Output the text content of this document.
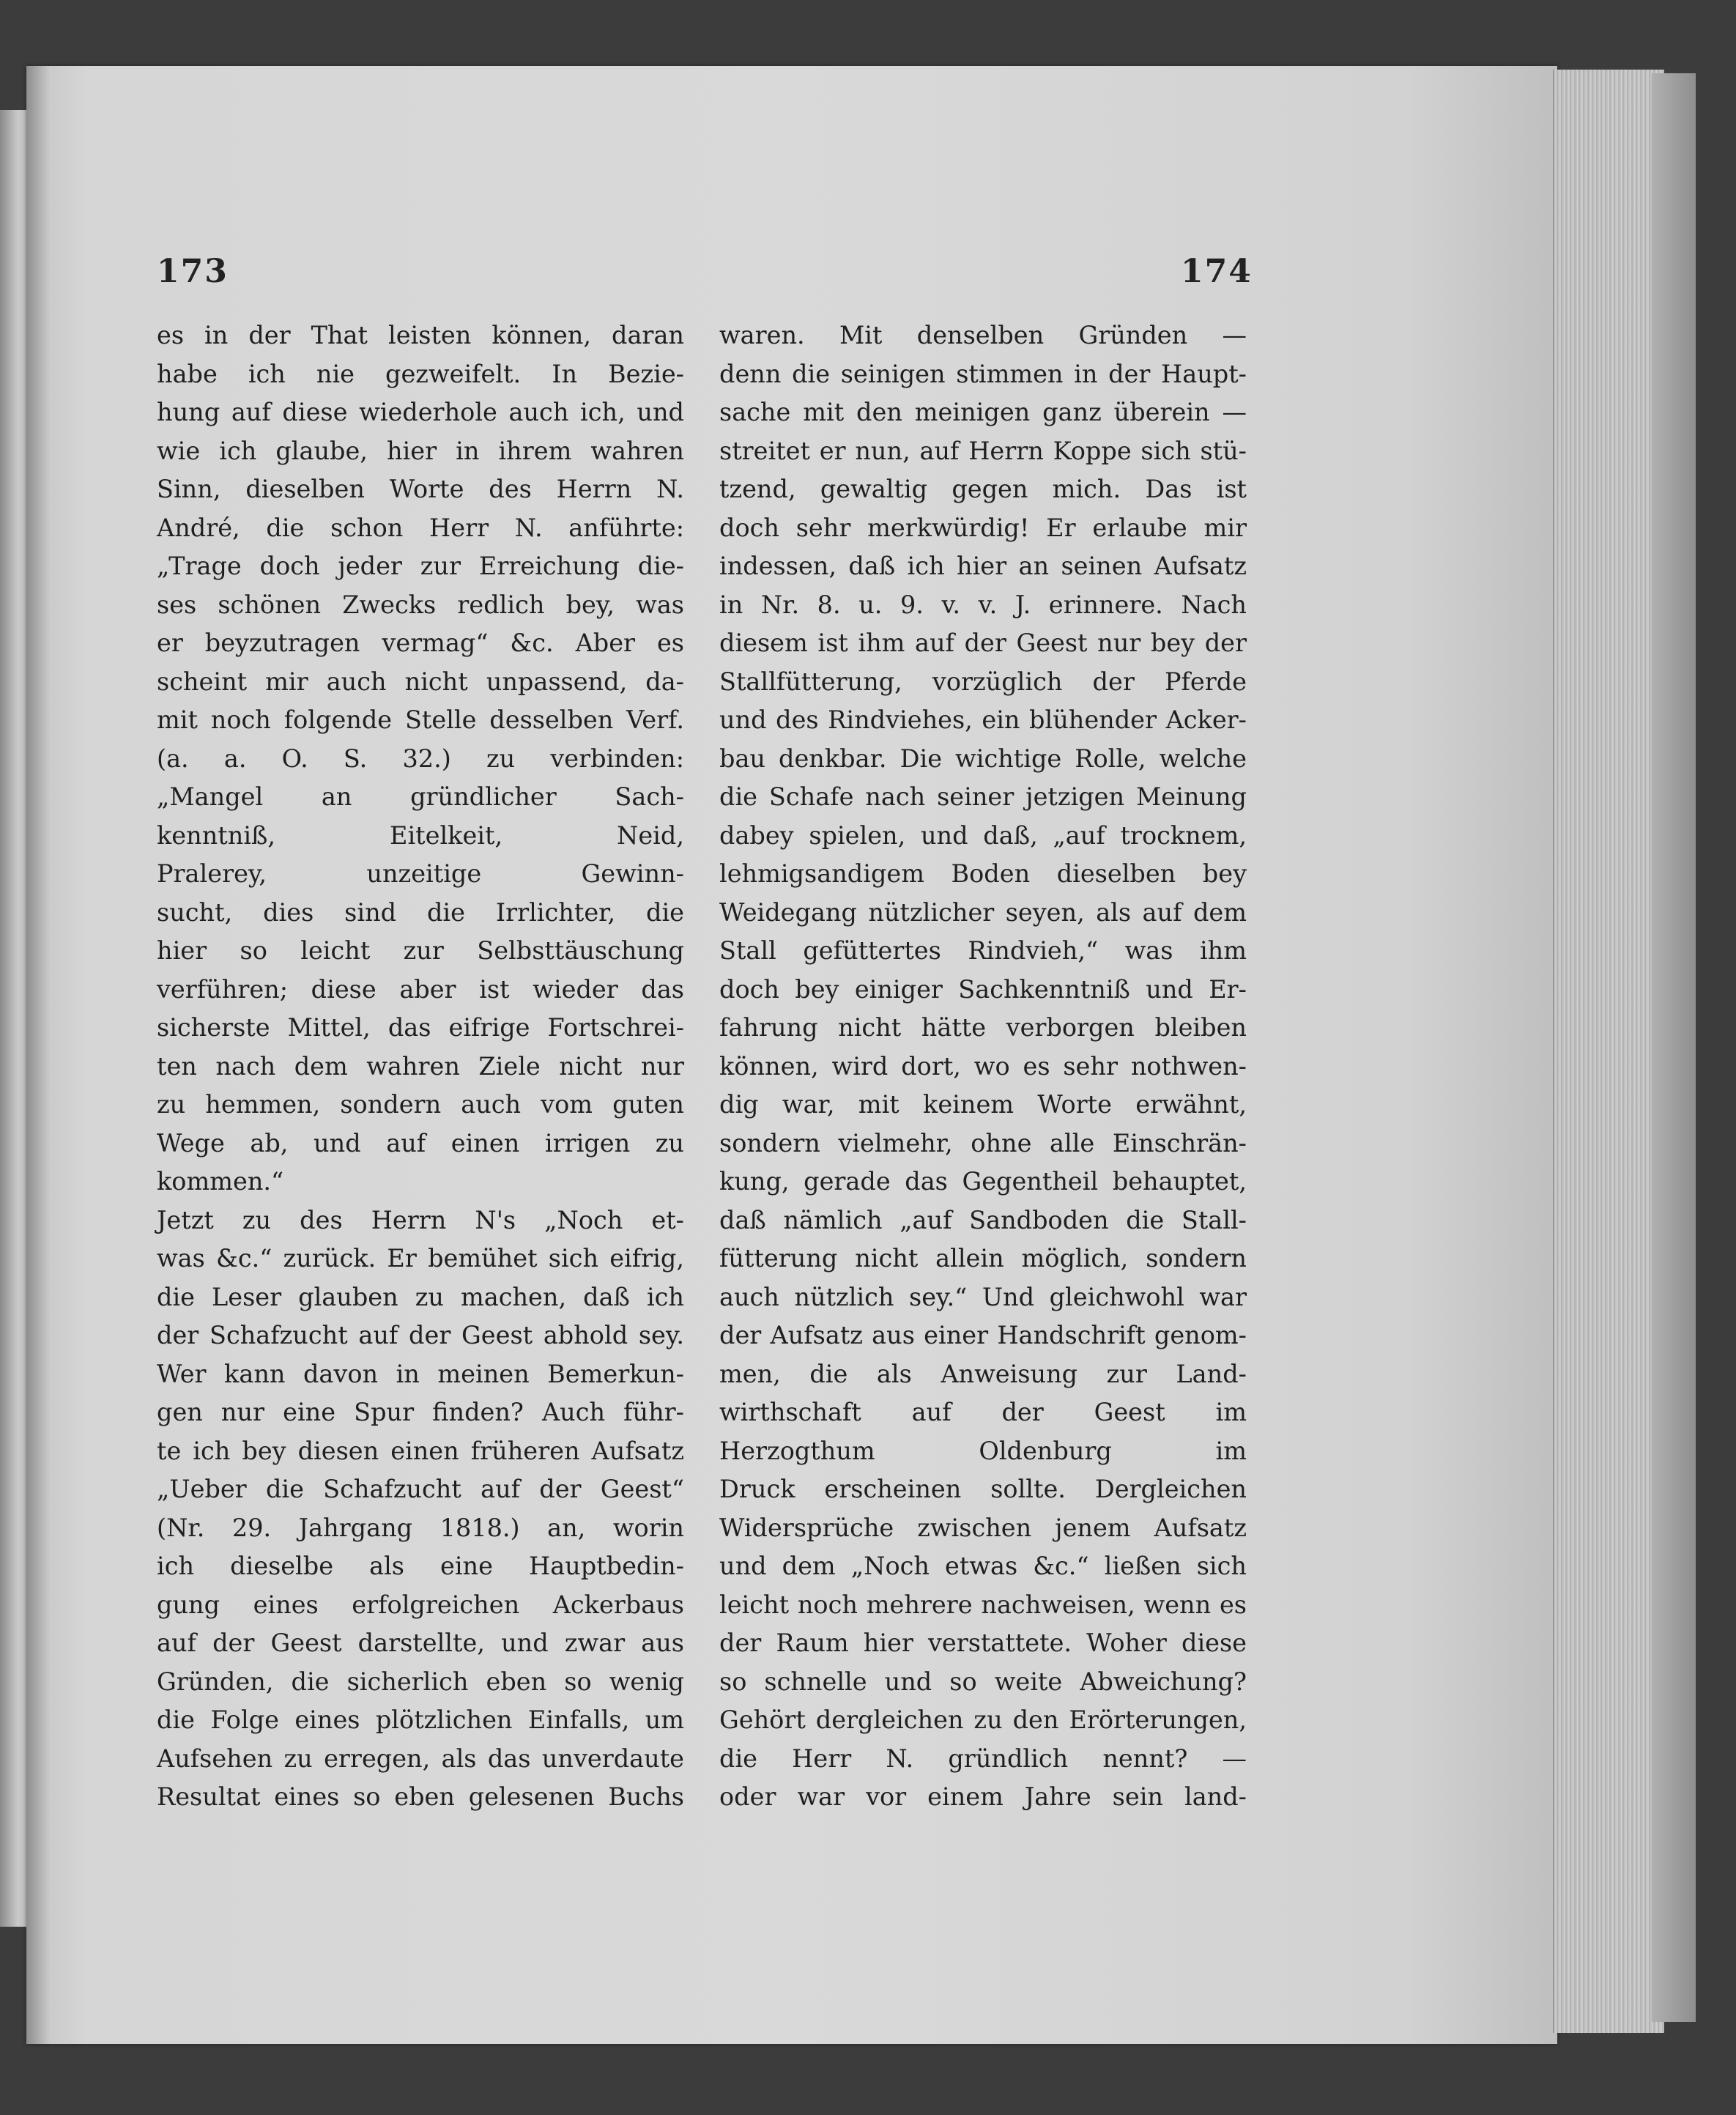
173	174
es in der That leisten können, daran
habe ich nie gezweifelt. In Bezie-
hung auf diese wiederhole auch ich, und
wie ich glaube, hier in ihrem wahren
Sinn, dieselben Worte des Herrn N.
André, die schon Herr N. anführte:
„Trage doch jeder zur Erreichung die-
ses schönen Zwecks redlich bey, was
er beyzutragen vermag“ &c. Aber es
scheint mir auch nicht unpassend, da-
mit noch folgende Stelle desselben Verf.
(a. a. O. S. 32.) zu verbinden:
„Mangel an gründlicher Sach-
kenntniß, Eitelkeit, Neid,
Pralerey, unzeitige Gewinn-
sucht, dies sind die Irrlichter, die
hier so leicht zur Selbsttäuschung
verführen; diese aber ist wieder das
sicherste Mittel, das eifrige Fortschrei-
ten nach dem wahren Ziele nicht nur
zu hemmen, sondern auch vom guten
Wege ab, und auf einen irrigen zu
kommen.“
Jetzt zu des Herrn N's „Noch et-
was &c.“ zurück. Er bemühet sich eifrig,
die Leser glauben zu machen, daß ich
der Schafzucht auf der Geest abhold sey.
Wer kann davon in meinen Bemerkun-
gen nur eine Spur finden? Auch führ-
te ich bey diesen einen früheren Aufsatz
„Ueber die Schafzucht auf der Geest“
(Nr. 29. Jahrgang 1818.) an, worin
ich dieselbe als eine Hauptbedin-
gung eines erfolgreichen Ackerbaus
auf der Geest darstellte, und zwar aus
Gründen, die sicherlich eben so wenig
die Folge eines plötzlichen Einfalls, um
Aufsehen zu erregen, als das unverdaute
Resultat eines so eben gelesenen Buchs
waren. Mit denselben Gründen —
denn die seinigen stimmen in der Haupt-
sache mit den meinigen ganz überein —
streitet er nun, auf Herrn Koppe sich stü-
tzend, gewaltig gegen mich. Das ist
doch sehr merkwürdig! Er erlaube mir
indessen, daß ich hier an seinen Aufsatz
in Nr. 8. u. 9. v. v. J. erinnere. Nach
diesem ist ihm auf der Geest nur bey der
Stallfütterung, vorzüglich der Pferde
und des Rindviehes, ein blühender Acker-
bau denkbar. Die wichtige Rolle, welche
die Schafe nach seiner jetzigen Meinung
dabey spielen, und daß, „auf trocknem,
lehmigsandigem Boden dieselben bey
Weidegang nützlicher seyen, als auf dem
Stall gefüttertes Rindvieh,“ was ihm
doch bey einiger Sachkenntniß und Er-
fahrung nicht hätte verborgen bleiben
können, wird dort, wo es sehr nothwen-
dig war, mit keinem Worte erwähnt,
sondern vielmehr, ohne alle Einschrän-
kung, gerade das Gegentheil behauptet,
daß nämlich „auf Sandboden die Stall-
fütterung nicht allein möglich, sondern
auch nützlich sey.“ Und gleichwohl war
der Aufsatz aus einer Handschrift genom-
men, die als Anweisung zur Land-
wirthschaft auf der Geest im
Herzogthum Oldenburg im
Druck erscheinen sollte. Dergleichen
Widersprüche zwischen jenem Aufsatz
und dem „Noch etwas &c.“ ließen sich
leicht noch mehrere nachweisen, wenn es
der Raum hier verstattete. Woher diese
so schnelle und so weite Abweichung?
Gehört dergleichen zu den Erörterungen,
die Herr N. gründlich nennt? —
oder war vor einem Jahre sein land-
